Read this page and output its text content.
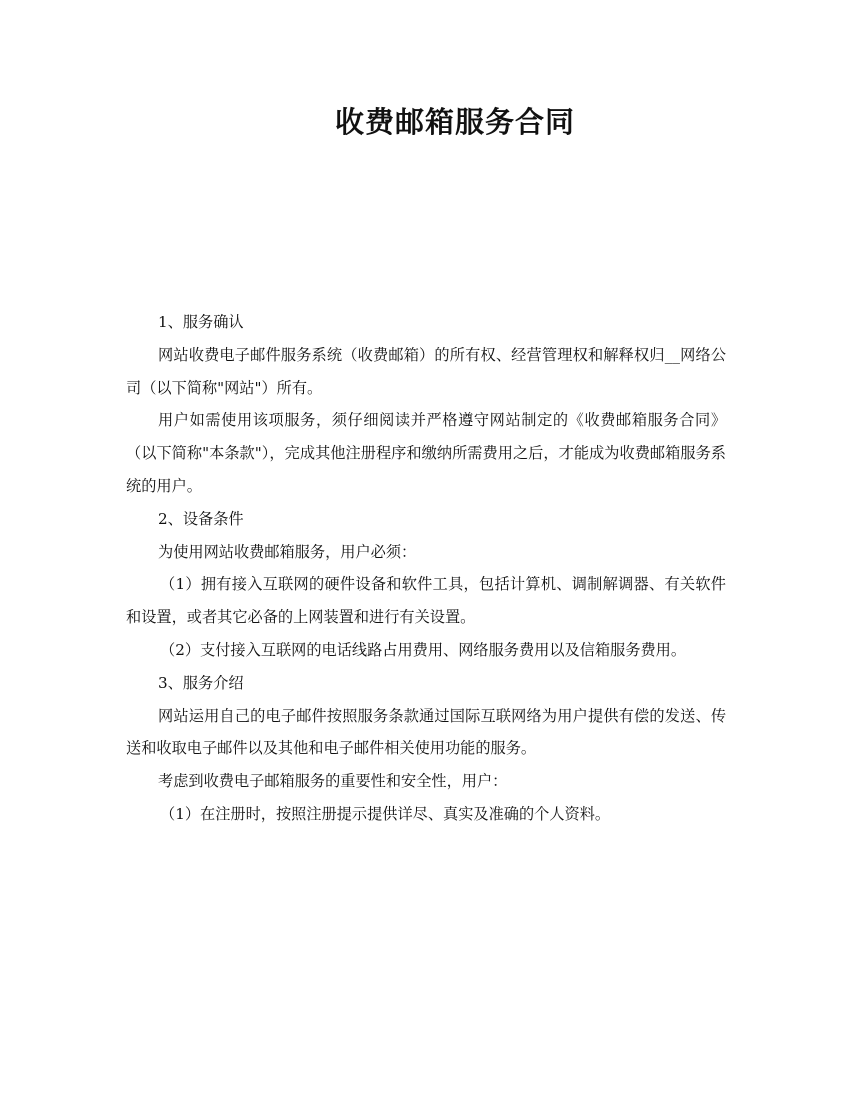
收费邮箱服务合同

1、服务确认

网站收费电子邮件服务系统（收费邮箱）的所有权、经营管理权和解释权归__网络公司（以下简称"网站"）所有。

用户如需使用该项服务，须仔细阅读并严格遵守网站制定的《收费邮箱服务合同》（以下简称"本条款"），完成其他注册程序和缴纳所需费用之后，才能成为收费邮箱服务系统的用户。

2、设备条件

为使用网站收费邮箱服务，用户必须：

（1）拥有接入互联网的硬件设备和软件工具，包括计算机、调制解调器、有关软件和设置，或者其它必备的上网装置和进行有关设置。

（2）支付接入互联网的电话线路占用费用、网络服务费用以及信箱服务费用。

3、服务介绍

网站运用自己的电子邮件按照服务条款通过国际互联网络为用户提供有偿的发送、传送和收取电子邮件以及其他和电子邮件相关使用功能的服务。

考虑到收费电子邮箱服务的重要性和安全性，用户：

（1）在注册时，按照注册提示提供详尽、真实及准确的个人资料。
